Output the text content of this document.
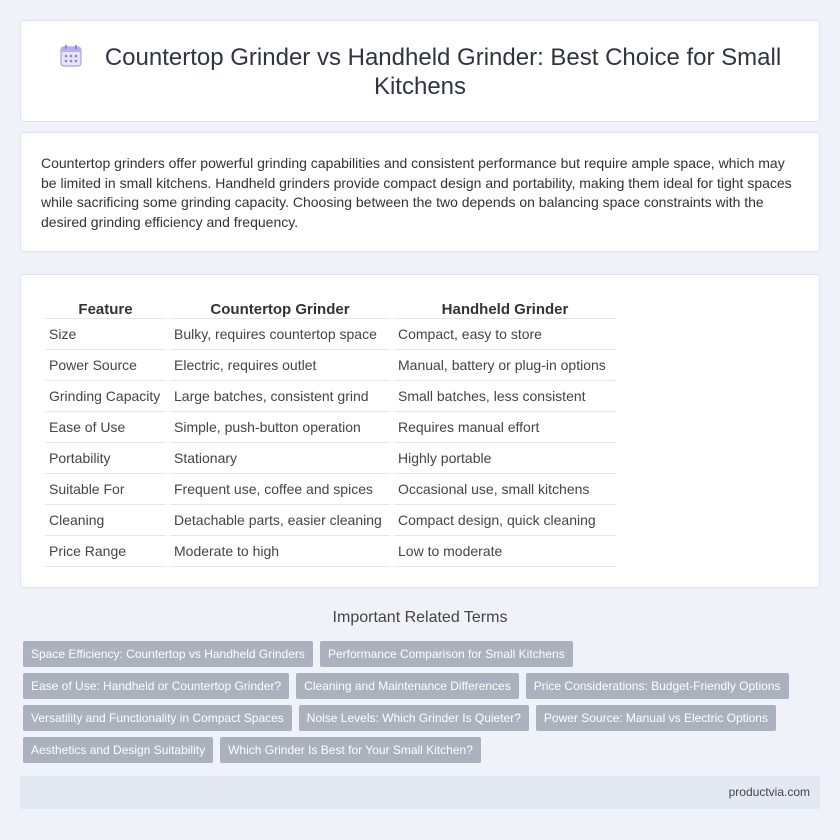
Countertop Grinder vs Handheld Grinder: Best Choice for Small Kitchens

Countertop grinders offer powerful grinding capabilities and consistent performance but require ample space, which may be limited in small kitchens. Handheld grinders provide compact design and portability, making them ideal for tight spaces while sacrificing some grinding capacity. Choosing between the two depends on balancing space constraints with the desired grinding efficiency and frequency.

Feature	Countertop Grinder	Handheld Grinder
Size	Bulky, requires countertop space	Compact, easy to store
Power Source	Electric, requires outlet	Manual, battery or plug-in options
Grinding Capacity	Large batches, consistent grind	Small batches, less consistent
Ease of Use	Simple, push-button operation	Requires manual effort
Portability	Stationary	Highly portable
Suitable For	Frequent use, coffee and spices	Occasional use, small kitchens
Cleaning	Detachable parts, easier cleaning	Compact design, quick cleaning
Price Range	Moderate to high	Low to moderate
Important Related Terms
Space Efficiency: Countertop vs Handheld Grinders	Performance Comparison for Small Kitchens
Ease of Use: Handheld or Countertop Grinder?	Cleaning and Maintenance Differences	Price Considerations: Budget-Friendly Options
Versatility and Functionality in Compact Spaces	Noise Levels: Which Grinder Is Quieter?	Power Source: Manual vs Electric Options
Aesthetics and Design Suitability	Which Grinder Is Best for Your Small Kitchen?
productvia.com
